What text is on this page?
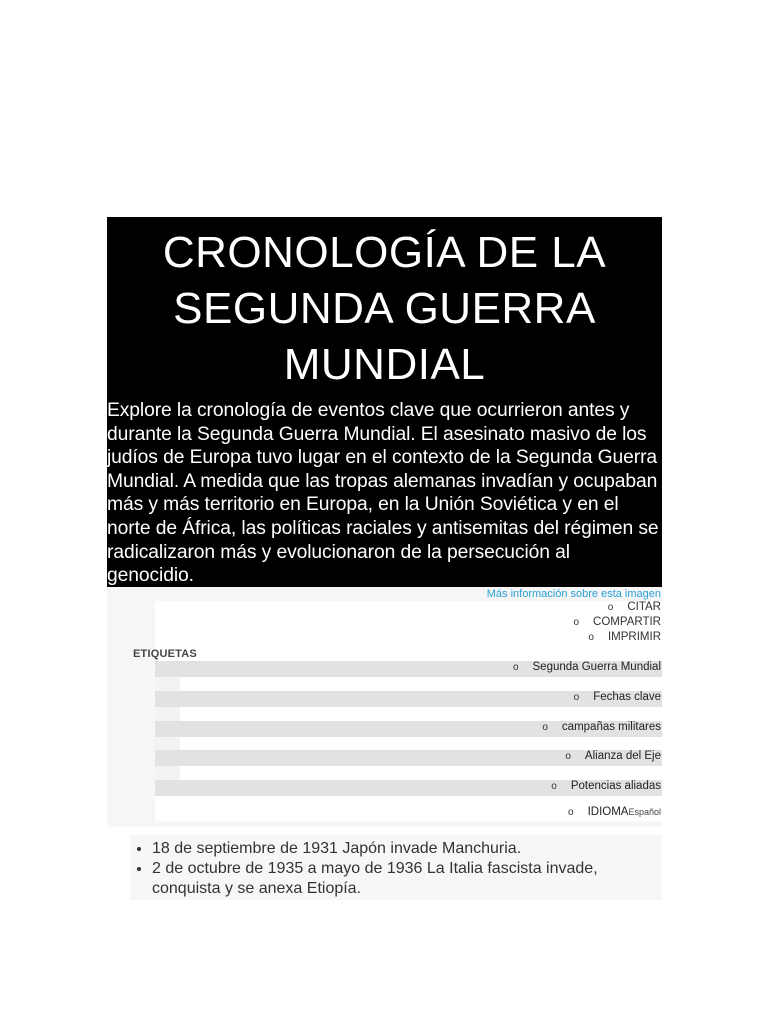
CRONOLOGÍA DE LA
SEGUNDA GUERRA
MUNDIAL

Explore la cronología de eventos clave que ocurrieron antes y durante la Segunda Guerra Mundial. El asesinato masivo de los judíos de Europa tuvo lugar en el contexto de la Segunda Guerra Mundial. A medida que las tropas alemanas invadían y ocupaban más y más territorio en Europa, en la Unión Soviética y en el norte de África, las políticas raciales y antisemitas del régimen se radicalizaron más y evolucionaron de la persecución al genocidio.

Más información sobre esta imagen
o CITAR
o COMPARTIR
o IMPRIMIR
ETIQUETAS
o Segunda Guerra Mundial
o Fechas clave
o campañas militares
o Alianza del Eje
o Potencias aliadas
o IDIOMAEspañol
• 18 de septiembre de 1931 Japón invade Manchuria.
• 2 de octubre de 1935 a mayo de 1936 La Italia fascista invade, conquista y se anexa Etiopía.
